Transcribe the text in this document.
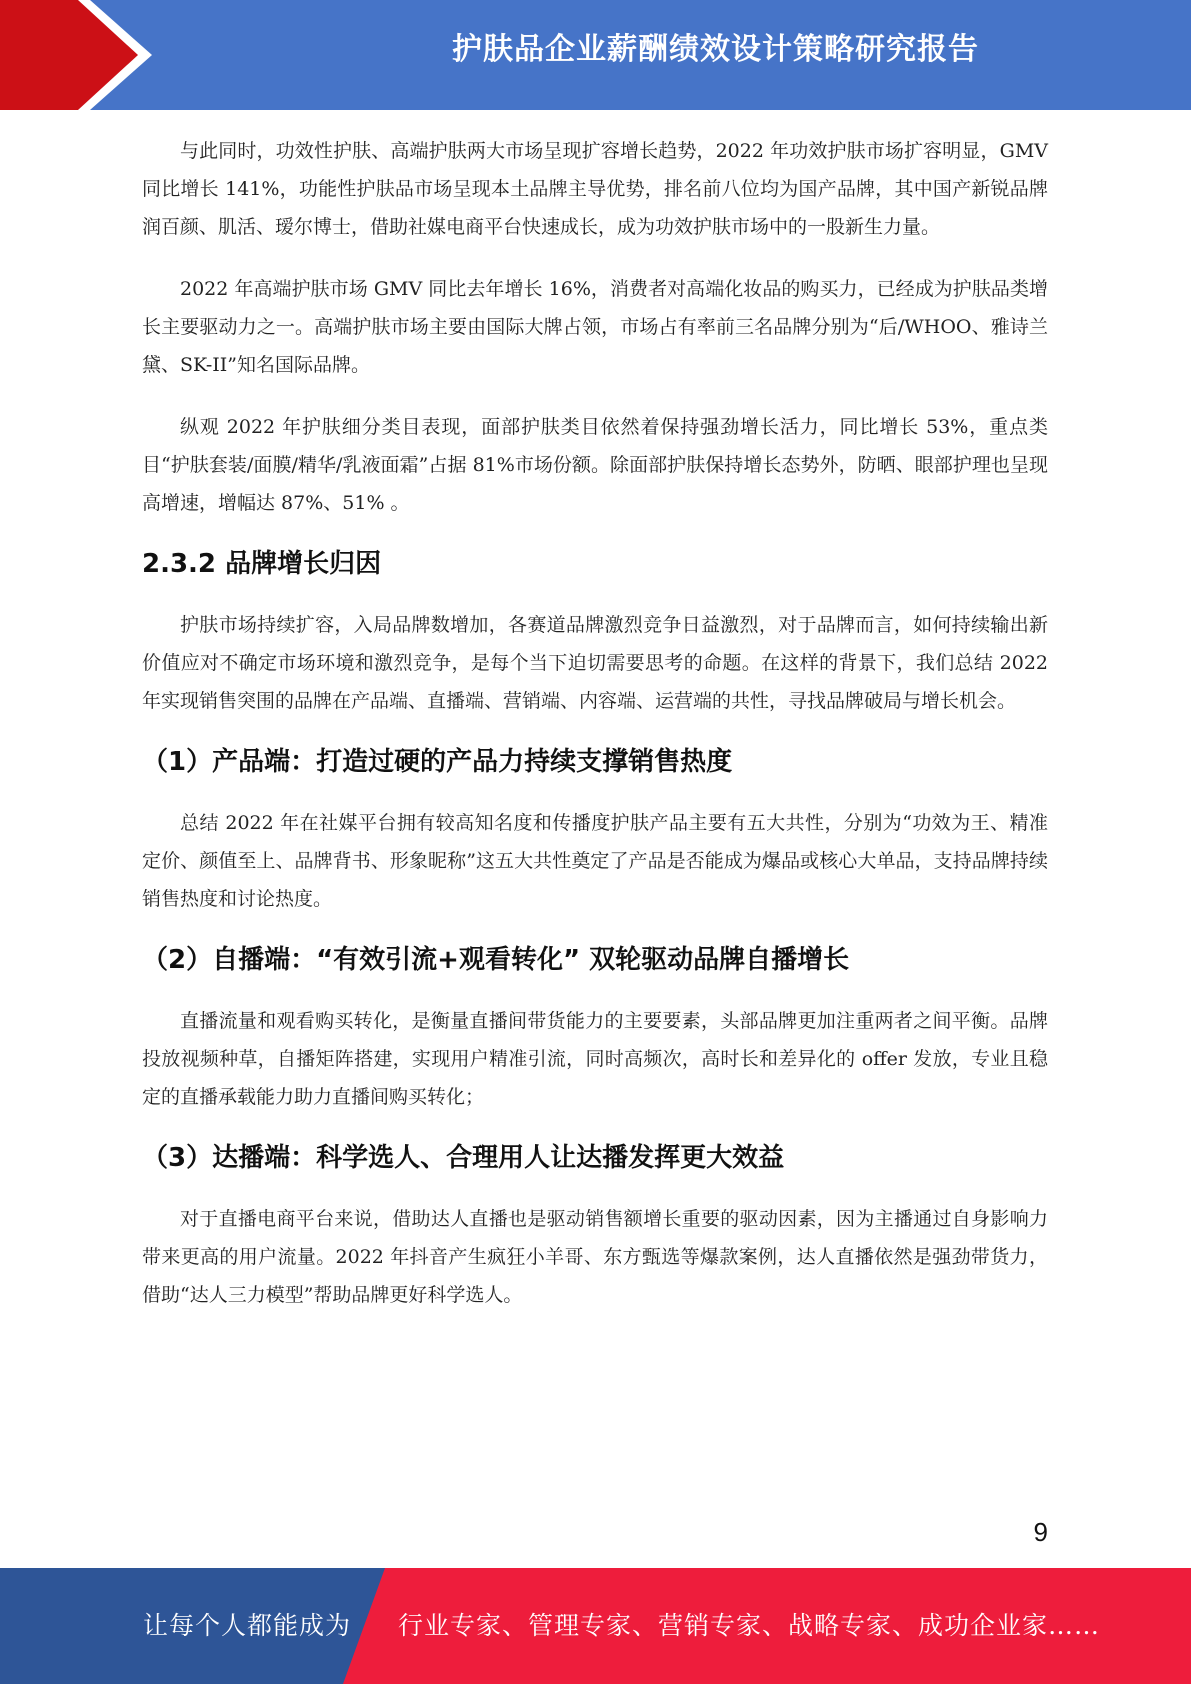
护肤品企业薪酬绩效设计策略研究报告

与此同时，功效性护肤、高端护肤两大市场呈现扩容增长趋势，2022 年功效护肤市场扩容明显，GMV 同比增长 141%，功能性护肤品市场呈现本土品牌主导优势，排名前八位均为国产品牌，其中国产新锐品牌润百颜、肌活、瑷尔博士，借助社媒电商平台快速成长，成为功效护肤市场中的一股新生力量。

2022 年高端护肤市场 GMV 同比去年增长 16%，消费者对高端化妆品的购买力，已经成为护肤品类增长主要驱动力之一。高端护肤市场主要由国际大牌占领，市场占有率前三名品牌分别为“后/WHOO、雅诗兰黛、SK-II”知名国际品牌。

纵观 2022 年护肤细分类目表现，面部护肤类目依然着保持强劲增长活力，同比增长 53%，重点类目“护肤套装/面膜/精华/乳液面霜”占据 81%市场份额。除面部护肤保持增长态势外，防晒、眼部护理也呈现高增速，增幅达 87%、51% 。

2.3.2 品牌增长归因

护肤市场持续扩容，入局品牌数增加，各赛道品牌激烈竞争日益激烈，对于品牌而言，如何持续输出新价值应对不确定市场环境和激烈竞争，是每个当下迫切需要思考的命题。在这样的背景下，我们总结 2022 年实现销售突围的品牌在产品端、直播端、营销端、内容端、运营端的共性，寻找品牌破局与增长机会。

（1）产品端：打造过硬的产品力持续支撑销售热度

总结 2022 年在社媒平台拥有较高知名度和传播度护肤产品主要有五大共性，分别为“功效为王、精准定价、颜值至上、品牌背书、形象昵称”这五大共性奠定了产品是否能成为爆品或核心大单品，支持品牌持续销售热度和讨论热度。

（2）自播端：“有效引流+观看转化” 双轮驱动品牌自播增长

直播流量和观看购买转化，是衡量直播间带货能力的主要要素，头部品牌更加注重两者之间平衡。品牌投放视频种草，自播矩阵搭建，实现用户精准引流，同时高频次，高时长和差异化的 offer 发放，专业且稳定的直播承载能力助力直播间购买转化；

（3）达播端：科学选人、合理用人让达播发挥更大效益

对于直播电商平台来说，借助达人直播也是驱动销售额增长重要的驱动因素，因为主播通过自身影响力带来更高的用户流量。2022 年抖音产生疯狂小羊哥、东方甄选等爆款案例，达人直播依然是强劲带货力，借助“达人三力模型”帮助品牌更好科学选人。

9
让每个人都能成为 行业专家、管理专家、营销专家、战略专家、成功企业家……
